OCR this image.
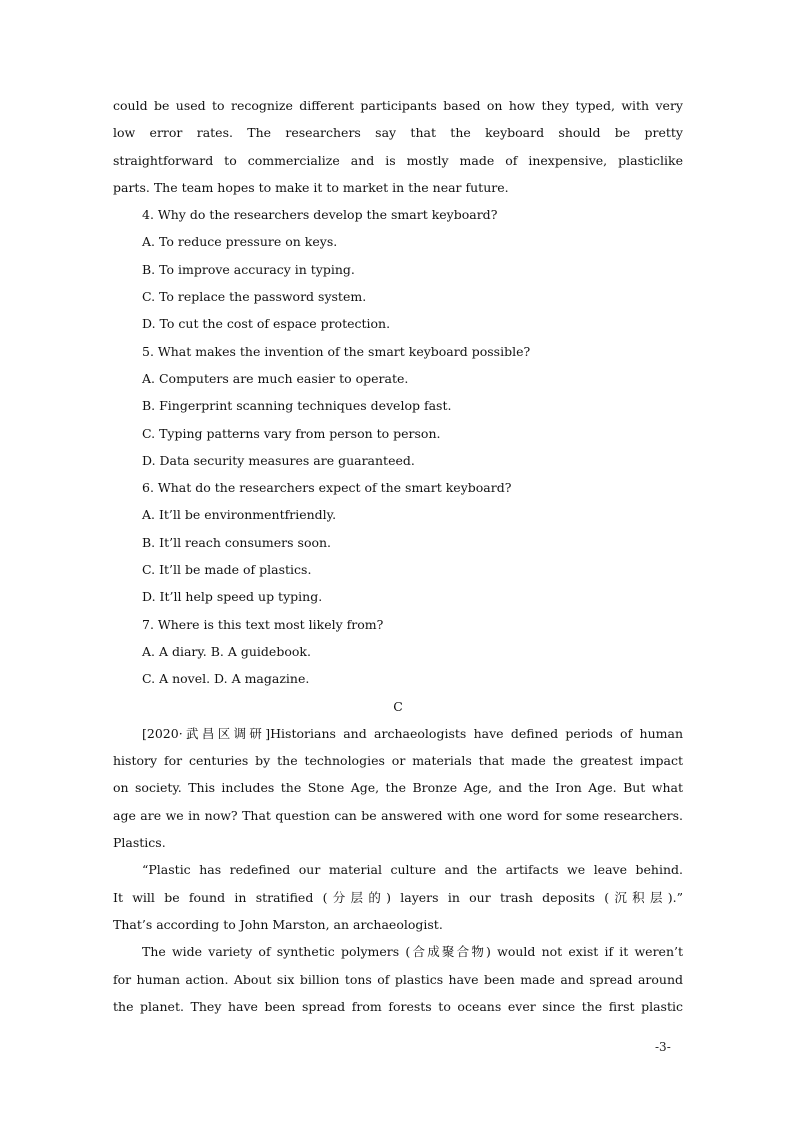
could be used to recognize different participants based on how they typed, with very
low error rates. The researchers say that the keyboard should be pretty
straightforward to commercialize and is mostly made of inexpensive, plasticlike
parts. The team hopes to make it to market in the near future.
4. Why do the researchers develop the smart keyboard?
A. To reduce pressure on keys.
B. To improve accuracy in typing.
C. To replace the password system.
D. To cut the cost of espace protection.
5. What makes the invention of the smart keyboard possible?
A. Computers are much easier to operate.
B. Fingerprint scanning techniques develop fast.
C. Typing patterns vary from person to person.
D. Data security measures are guaranteed.
6. What do the researchers expect of the smart keyboard?
A. It’ll be environmentfriendly.
B. It’ll reach consumers soon.
C. It’ll be made of plastics.
D. It’ll help speed up typing.
7. Where is this text most likely from?
A. A diary. B. A guidebook.
C. A novel. D. A magazine.
C
[2020·武昌区调研]Historians and archaeologists have defined periods of human
history for centuries by the technologies or materials that made the greatest impact
on society. This includes the Stone Age, the Bronze Age, and the Iron Age. But what
age are we in now? That question can be answered with one word for some researchers.
Plastics.
“Plastic has redefined our material culture and the artifacts we leave behind.
It will be found in stratified (分层的) layers in our trash deposits (沉积层).”
That’s according to John Marston, an archaeologist.
The wide variety of synthetic polymers (合成聚合物) would not exist if it weren’t
for human action. About six billion tons of plastics have been made and spread around
the planet. They have been spread from forests to oceans ever since the first plastic
-3-
